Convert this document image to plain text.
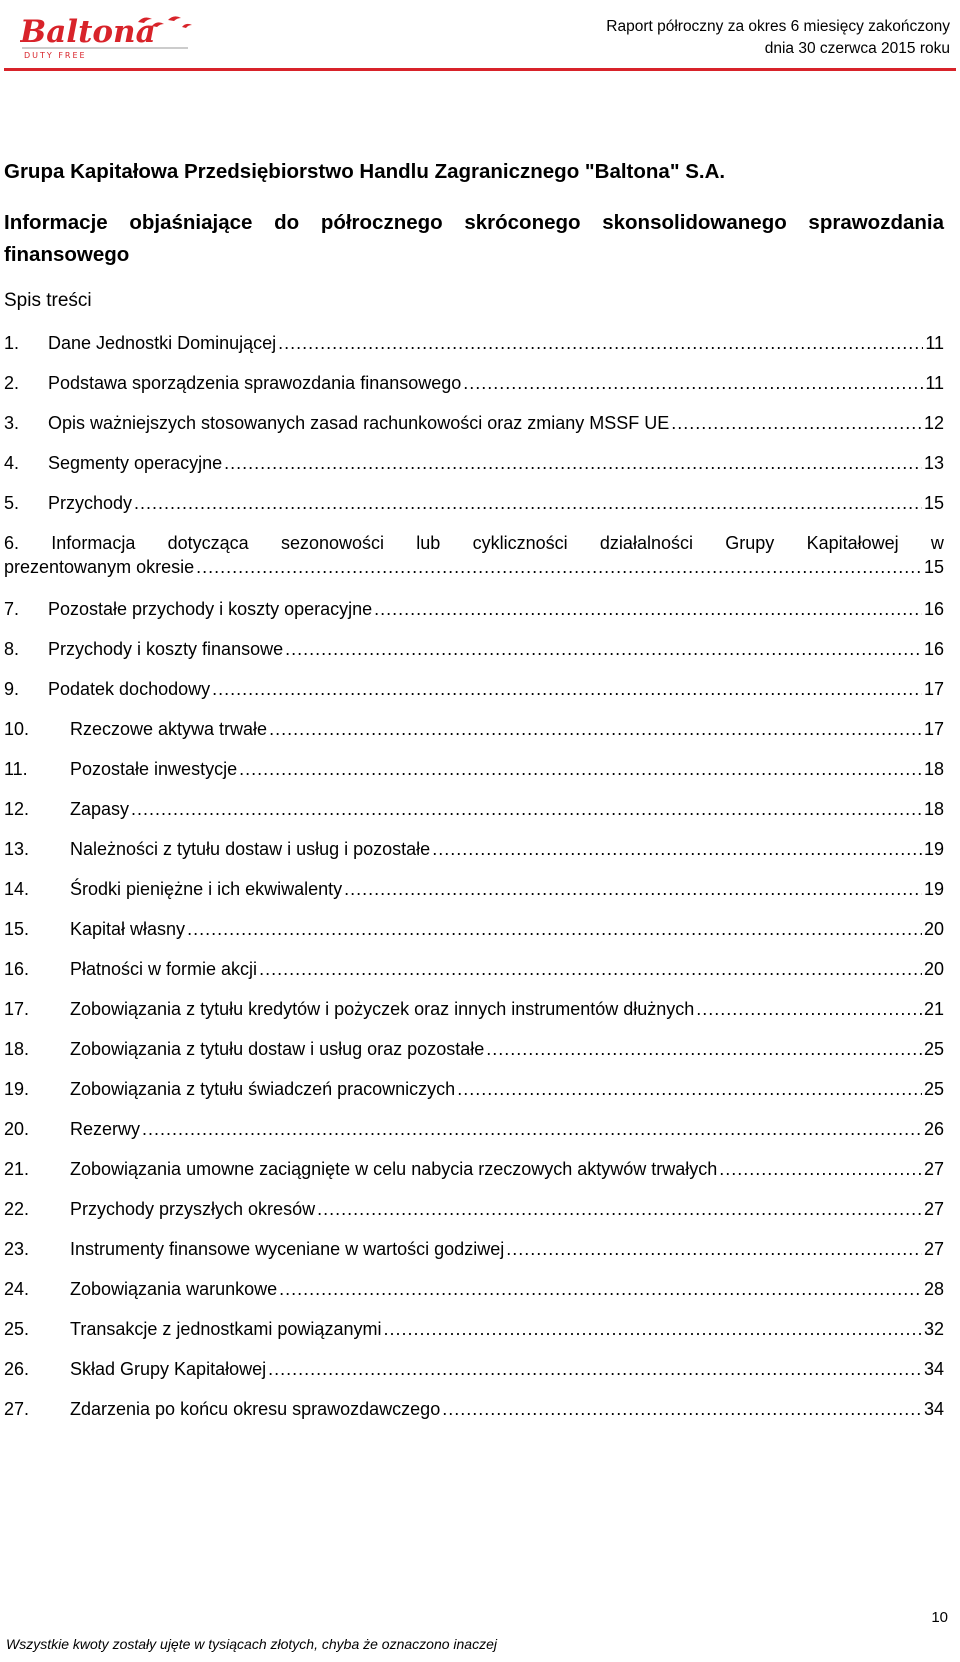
Baltona
DUTY FREE
Raport półroczny za okres 6 miesięcy zakończony
dnia 30 czerwca 2015 roku
Grupa Kapitałowa Przedsiębiorstwo Handlu Zagranicznego "Baltona" S.A.
Informacje objaśniające do półrocznego skróconego skonsolidowanego sprawozdania finansowego
Spis treści
1.	Dane Jednostki Dominującej .....	11
2.	Podstawa sporządzenia sprawozdania finansowego .....	11
3.	Opis ważniejszych stosowanych zasad rachunkowości oraz zmiany MSSF UE .....	12
4.	Segmenty operacyjne .....	13
5.	Przychody .....	15
6. Informacja dotycząca sezonowości lub cykliczności działalności Grupy Kapitałowej w
prezentowanym okresie .....	15
7.	Pozostałe przychody i koszty operacyjne .....	16
8.	Przychody i koszty finansowe .....	16
9.	Podatek dochodowy .....	17
10.	Rzeczowe aktywa trwałe .....	17
11.	Pozostałe inwestycje .....	18
12.	Zapasy .....	18
13.	Należności z tytułu dostaw i usług i pozostałe .....	19
14.	Środki pieniężne i ich ekwiwalenty .....	19
15.	Kapitał własny .....	20
16.	Płatności w formie akcji .....	20
17.	Zobowiązania z tytułu kredytów i pożyczek oraz innych instrumentów dłużnych .....	21
18.	Zobowiązania z tytułu dostaw i usług oraz pozostałe .....	25
19.	Zobowiązania z tytułu świadczeń pracowniczych .....	25
20.	Rezerwy .....	26
21.	Zobowiązania umowne zaciągnięte w celu nabycia rzeczowych aktywów trwałych .....	27
22.	Przychody przyszłych okresów .....	27
23.	Instrumenty finansowe wyceniane w wartości godziwej .....	27
24.	Zobowiązania warunkowe .....	28
25.	Transakcje z jednostkami powiązanymi .....	32
26.	Skład Grupy Kapitałowej .....	34
27.	Zdarzenia po końcu okresu sprawozdawczego .....	34
10
Wszystkie kwoty zostały ujęte w tysiącach złotych, chyba że oznaczono inaczej
